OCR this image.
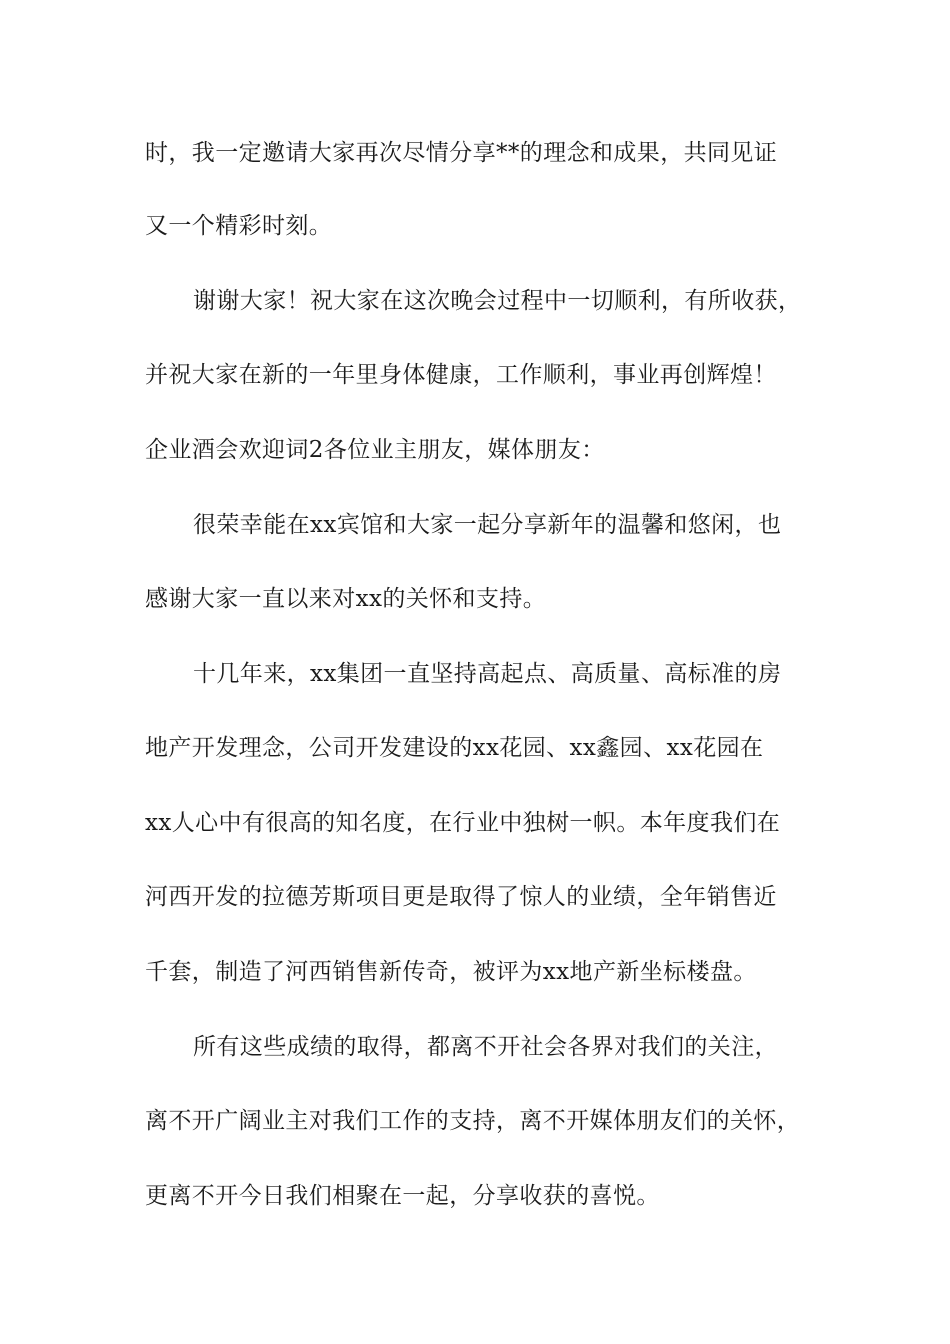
时，我一定邀请大家再次尽情分享**的理念和成果，共同见证
又一个精彩时刻。
谢谢大家！祝大家在这次晚会过程中一切顺利，有所收获，
并祝大家在新的一年里身体健康，工作顺利，事业再创辉煌！
企业酒会欢迎词2各位业主朋友，媒体朋友：
很荣幸能在xx宾馆和大家一起分享新年的温馨和悠闲，也
感谢大家一直以来对xx的关怀和支持。
十几年来，xx集团一直坚持高起点、高质量、高标准的房
地产开发理念，公司开发建设的xx花园、xx鑫园、xx花园在
xx人心中有很高的知名度，在行业中独树一帜。本年度我们在
河西开发的拉德芳斯项目更是取得了惊人的业绩，全年销售近
千套，制造了河西销售新传奇，被评为xx地产新坐标楼盘。
所有这些成绩的取得，都离不开社会各界对我们的关注，
离不开广阔业主对我们工作的支持，离不开媒体朋友们的关怀，
更离不开今日我们相聚在一起，分享收获的喜悦。
